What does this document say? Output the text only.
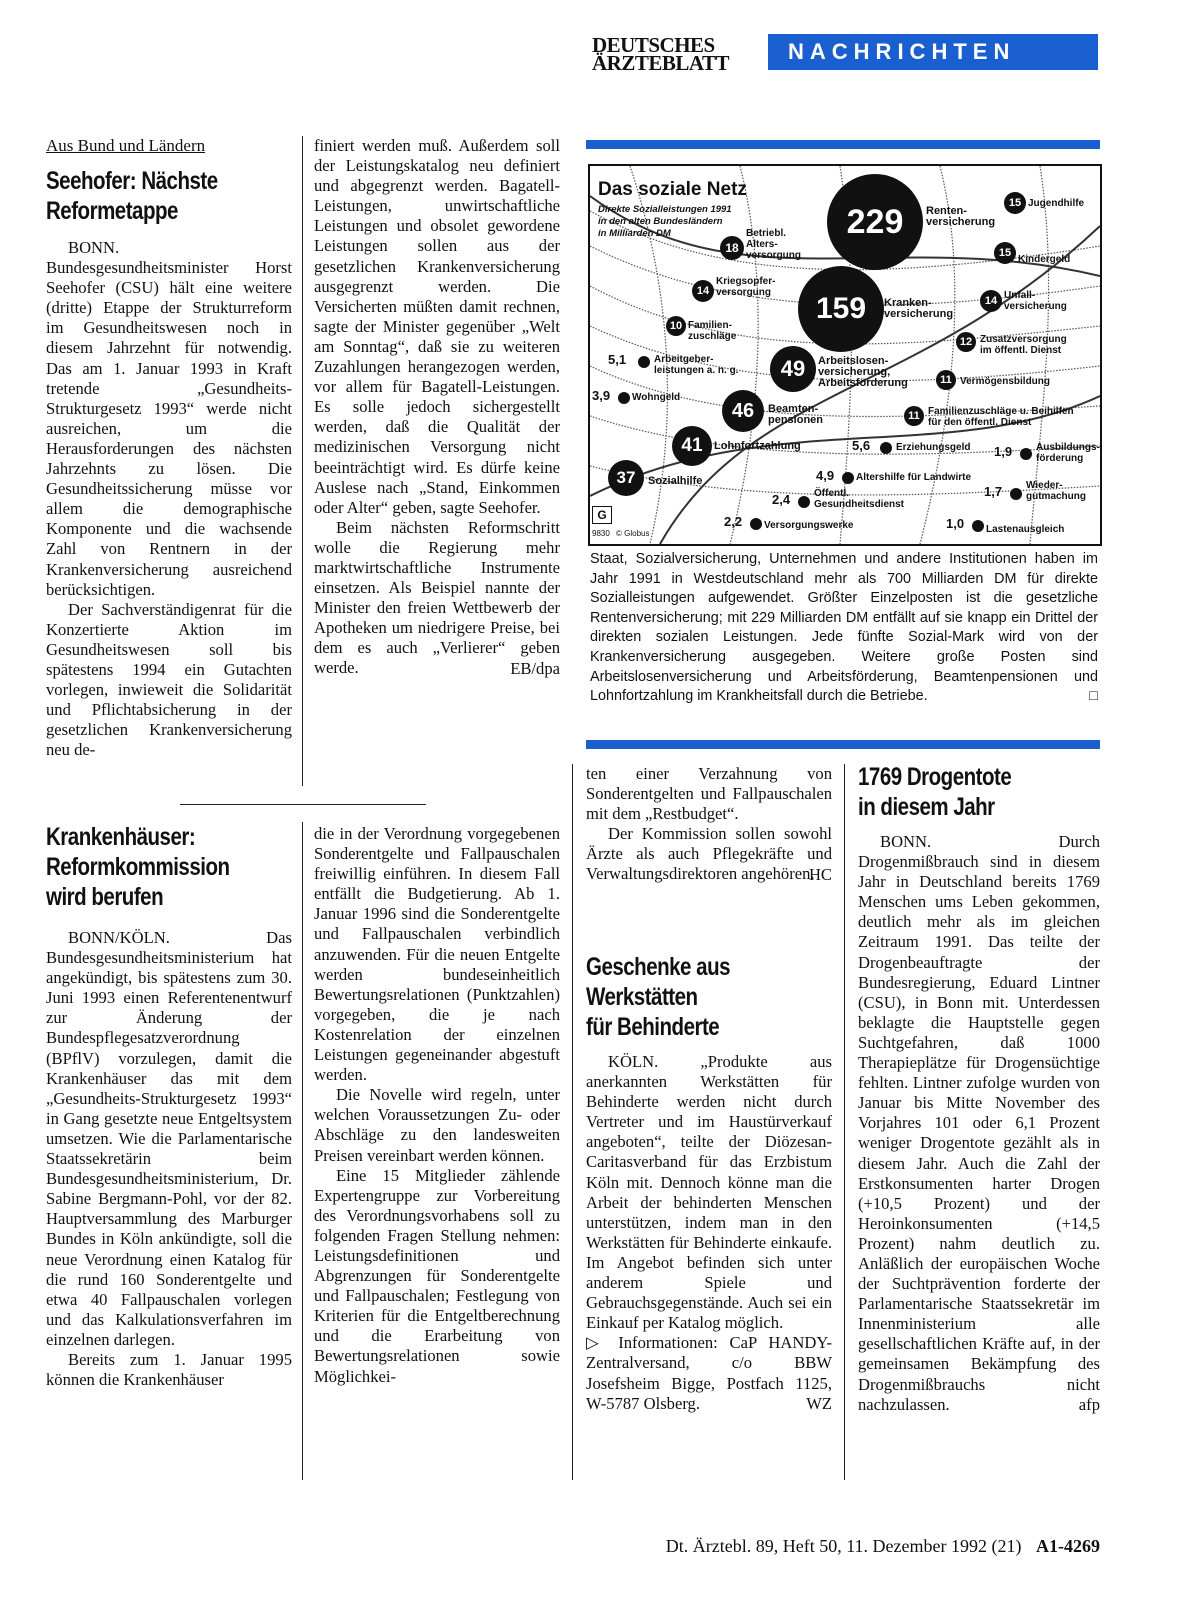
DEUTSCHES
ÄRZTEBLATT	NACHRICHTEN
Aus Bund und Ländern
Seehofer: Nächste
Reformetappe

BONN. Bundesgesundheitsminister Horst Seehofer (CSU) hält eine weitere (dritte) Etappe der Strukturreform im Gesundheitswesen noch in diesem Jahrzehnt für notwendig. Das am 1. Januar 1993 in Kraft tretende „Gesundheits-Strukturgesetz 1993“ werde nicht ausreichen, um die Herausforderungen des nächsten Jahrzehnts zu lösen. Die Gesundheitssicherung müsse vor allem die demographische Komponente und die wachsende Zahl von Rentnern in der Krankenversicherung ausreichend berücksichtigen.

Der Sachverständigenrat für die Konzertierte Aktion im Gesundheitswesen soll bis spätestens 1994 ein Gutachten vorlegen, inwieweit die Solidarität und Pflichtabsicherung in der gesetzlichen Krankenversicherung neu de-

finiert werden muß. Außerdem soll der Leistungskatalog neu definiert und abgegrenzt werden. Bagatell-Leistungen, unwirtschaftliche Leistungen und obsolet gewordene Leistungen sollen aus der gesetzlichen Krankenversicherung ausgegrenzt werden. Die Versicherten müßten damit rechnen, sagte der Minister gegenüber „Welt am Sonntag“, daß sie zu weiteren Zuzahlungen herangezogen werden, vor allem für Bagatell-Leistungen. Es solle jedoch sichergestellt werden, daß die Qualität der medizinischen Versorgung nicht beeinträchtigt wird. Es dürfe keine Auslese nach „Stand, Einkommen oder Alter“ geben, sagte Seehofer.

Beim nächsten Reformschritt wolle die Regierung mehr marktwirtschaftliche Instrumente einsetzen. Als Beispiel nannte der Minister den freien Wettbewerb der Apotheken um niedrigere Preise, bei dem es auch „Verlierer“ geben werde.	EB/dpa
Das soziale Netz
Direkte Sozialleistungen 1991
in den alten Bundesländern
in Milliarden DM	229 Renten-
versicherung
159 Kranken-
versicherung
49 Arbeitslosen-
versicherung,
Arbeitsförderung
46 Beamten-
pensionen
41 Lohnfortzahlung
37 Sozialhilfe
18
Betriebl.
Alters-
versorgung
14
Kriegsopfer-
versorgung
10 Familien-
zuschläge
5,1	Arbeitgeber-
leistungen a. n. g.
3,9 Wohngeld
15 Jugendhilfe
15
Kindergeld
14 Unfall-
versicherung
12 Zusatzversorgung
im öffentl. Dienst
11 Vermögensbildung
11 Familienzuschläge u. Beihilfen
für den öffentl. Dienst
5,6	Erziehungsgeld
4,9 Altershilfe für Landwirte
2,4 Öffentl.
Gesundheitsdienst
2,2 Versorgungswerke
1,9 Ausbildungs-
förderung
1,7 Wieder-
gutmachung
1,0 Lastenausgleich
G
9830 © Globus
Staat, Sozialversicherung, Unternehmen und andere Institutionen haben im Jahr 1991 in Westdeutschland mehr als 700 Milliarden DM für direkte Sozialleistungen aufgewendet. Größter Einzelposten ist die gesetzliche Rentenversicherung; mit 229 Milliarden DM entfällt auf sie knapp ein Drittel der direkten sozialen Leistungen. Jede fünfte Sozial-Mark wird von der Krankenversicherung ausgegeben. Weitere große Posten sind Arbeitslosenversicherung und Arbeitsförderung, Beamtenpensionen und Lohnfortzahlung im Krankheitsfall durch die Betriebe.	□
Krankenhäuser:
Reformkommission
wird berufen

BONN/KÖLN. Das Bundesgesundheitsministerium hat angekündigt, bis spätestens zum 30. Juni 1993 einen Referentenentwurf zur Änderung der Bundespflegesatzverordnung (BPflV) vorzulegen, damit die Krankenhäuser das mit dem „Gesundheits-Strukturgesetz 1993“ in Gang gesetzte neue Entgeltsystem umsetzen. Wie die Parlamentarische Staatssekretärin beim Bundesgesundheitsministerium, Dr. Sabine Bergmann-Pohl, vor der 82. Hauptversammlung des Marburger Bundes in Köln ankündigte, soll die neue Verordnung einen Katalog für die rund 160 Sonderentgelte und etwa 40 Fallpauschalen vorlegen und das Kalkulationsverfahren im einzelnen darlegen.

Bereits zum 1. Januar 1995 können die Krankenhäuser

die in der Verordnung vorgegebenen Sonderentgelte und Fallpauschalen freiwillig einführen. In diesem Fall entfällt die Budgetierung. Ab 1. Januar 1996 sind die Sonderentgelte und Fallpauschalen verbindlich anzuwenden. Für die neuen Entgelte werden bundeseinheitlich Bewertungsrelationen (Punktzahlen) vorgegeben, die je nach Kostenrelation der einzelnen Leistungen gegeneinander abgestuft werden.

Die Novelle wird regeln, unter welchen Voraussetzungen Zu- oder Abschläge zu den landesweiten Preisen vereinbart werden können.

Eine 15 Mitglieder zählende Expertengruppe zur Vorbereitung des Verordnungsvorhabens soll zu folgenden Fragen Stellung nehmen: Leistungsdefinitionen und Abgrenzungen für Sonderentgelte und Fallpauschalen; Festlegung von Kriterien für die Entgeltberechnung und die Erarbeitung von Bewertungsrelationen sowie Möglichkei-

ten einer Verzahnung von Sonderentgelten und Fallpauschalen mit dem „Restbudget“.

Der Kommission sollen sowohl Ärzte als auch Pflegekräfte und Verwaltungsdirektoren angehören.

HC
Geschenke aus
Werkstätten
für Behinderte

KÖLN. „Produkte aus anerkannten Werkstätten für Behinderte werden nicht durch Vertreter und im Haustürverkauf angeboten“, teilte der Diözesan-Caritasverband für das Erzbistum Köln mit. Dennoch könne man die Arbeit der behinderten Menschen unterstützen, indem man in den Werkstätten für Behinderte einkaufe. Im Angebot befinden sich unter anderem Spiele und Gebrauchsgegenstände. Auch sei ein Einkauf per Katalog möglich.

▷ Informationen: CaP HANDY-Zentralversand, c/o BBW Josefsheim Bigge, Postfach 1125, W-5787 Olsberg.	WZ
1769 Drogentote
in diesem Jahr

BONN. Durch Drogenmißbrauch sind in diesem Jahr in Deutschland bereits 1769 Menschen ums Leben gekommen, deutlich mehr als im gleichen Zeitraum 1991. Das teilte der Drogenbeauftragte der Bundesregierung, Eduard Lintner (CSU), in Bonn mit. Unterdessen beklagte die Hauptstelle gegen Suchtgefahren, daß 1000 Therapieplätze für Drogensüchtige fehlten. Lintner zufolge wurden von Januar bis Mitte November des Vorjahres 101 oder 6,1 Prozent weniger Drogentote gezählt als in diesem Jahr. Auch die Zahl der Erstkonsumenten harter Drogen (+10,5 Prozent) und der Heroinkonsumenten (+14,5 Prozent) nahm deutlich zu. Anläßlich der europäischen Woche der Suchtprävention forderte der Parlamentarische Staatssekretär im Innenministerium alle gesellschaftlichen Kräfte auf, in der gemeinsamen Bekämpfung des Drogenmißbrauchs nicht nachzulassen.	afp
Dt. Ärztebl. 89, Heft 50, 11. Dezember 1992 (21) A1-4269
